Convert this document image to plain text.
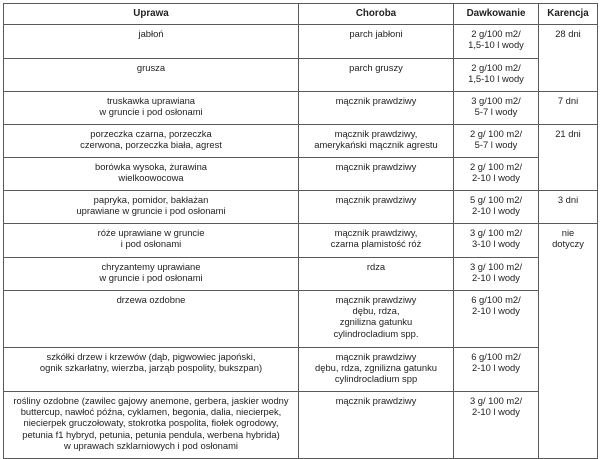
Uprawa	Choroba	Dawkowanie	Karencja

jabłoń	parch jabłoni	2 g/100 m2/
1,5-10 l wody	28 dni

grusza	parch gruszy	2 g/100 m2/
1,5-10 l wody	

truskawka uprawiana
w gruncie i pod osłonami	mącznik prawdziwy	3 g/100 m2/
5-7 l wody	7 dni

porzeczka czarna, porzeczka
czerwona, porzeczka biała, agrest	mącznik prawdziwy,
amerykański mącznik agrestu	2 g/ 100 m2/
5-7 l wody	21 dni

borówka wysoka, żurawina
wielkoowocowa	mącznik prawdziwy	2 g/ 100 m2/
2-10 l wody	

papryka, pomidor, bakłażan
uprawiane w gruncie i pod osłonami	mącznik prawdziwy	5 g/ 100 m2/
2-10 l wody	3 dni

róże uprawiane w gruncie
i pod osłonami	mącznik prawdziwy,
czarna plamistość róż	3 g/ 100 m2/
3-10 l wody	nie
dotyczy

chryzantemy uprawiane
w gruncie i pod osłonami	rdza	3 g/ 100 m2/
2-10 l wody	

drzewa ozdobne	mącznik prawdziwy
dębu, rdza,
zgnilizna gatunku
cylindrocladium spp.	6 g/100 m2/
2-10 l wody	

szkółki drzew i krzewów (dąb, pigwowiec japoński,
ognik szkarłatny, wierzba, jarząb pospolity, bukszpan)	mącznik prawdziwy
dębu, rdza, zgnilizna gatunku
cylindrocladium spp	6 g/100 m2/
2-10 l wody	

rośliny ozdobne (zawilec gajowy anemone, gerbera, jaskier wodny
buttercup, nawłoć późna, cyklamen, begonia, dalia, niecierpek,
niecierpek gruczołowaty, stokrotka pospolita, fiołek ogrodowy,
petunia f1 hybryd, petunia, petunia pendula, werbena hybrida)
w uprawach szklarniowych i pod osłonami	mącznik prawdziwy	3 g/ 100 m2/
2-10 l wody	
